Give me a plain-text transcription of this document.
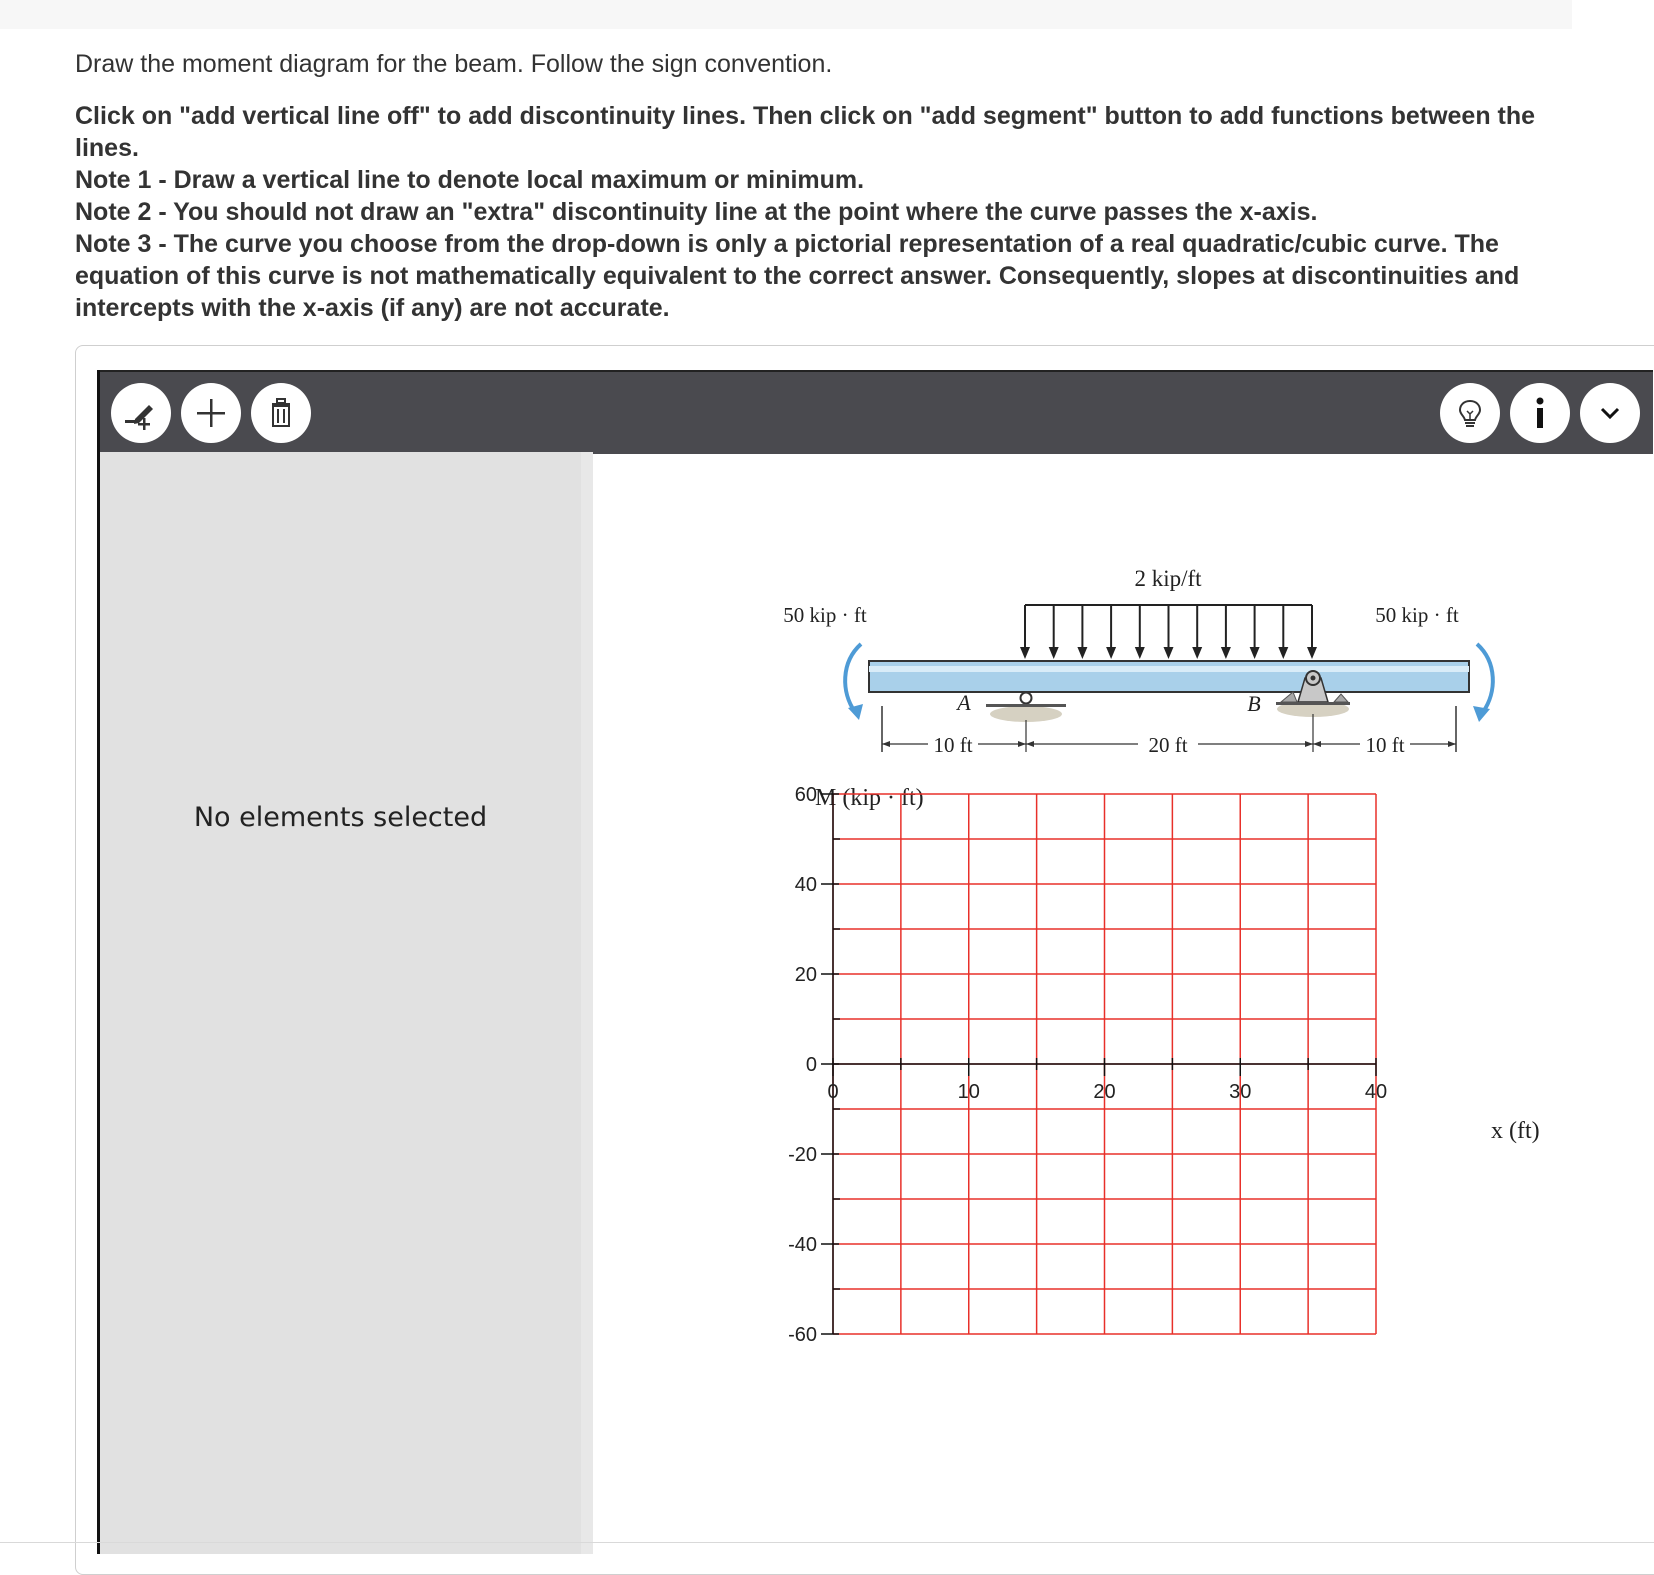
Draw the moment diagram for the beam. Follow the sign convention.

Click on "add vertical line off" to add discontinuity lines. Then click on "add segment" button to add functions between the lines.

Note 1 - Draw a vertical line to denote local maximum or minimum.

Note 2 - You should not draw an "extra" discontinuity line at the point where the curve passes the x-axis.

Note 3 - The curve you choose from the drop-down is only a pictorial representation of a real quadratic/cubic curve. The equation of this curve is not mathematically equivalent to the correct answer. Consequently, slopes at discontinuities and intercepts with the x-axis (if any) are not accurate.

No elements selected
2 kip/ft
50 kip · ft	50 kip · ft
A	B
10 ft	20 ft	10 ft
M (kip · ft)
x (ft)
60
40
20
0
-20
-40
-60
0	10	20	30	40
